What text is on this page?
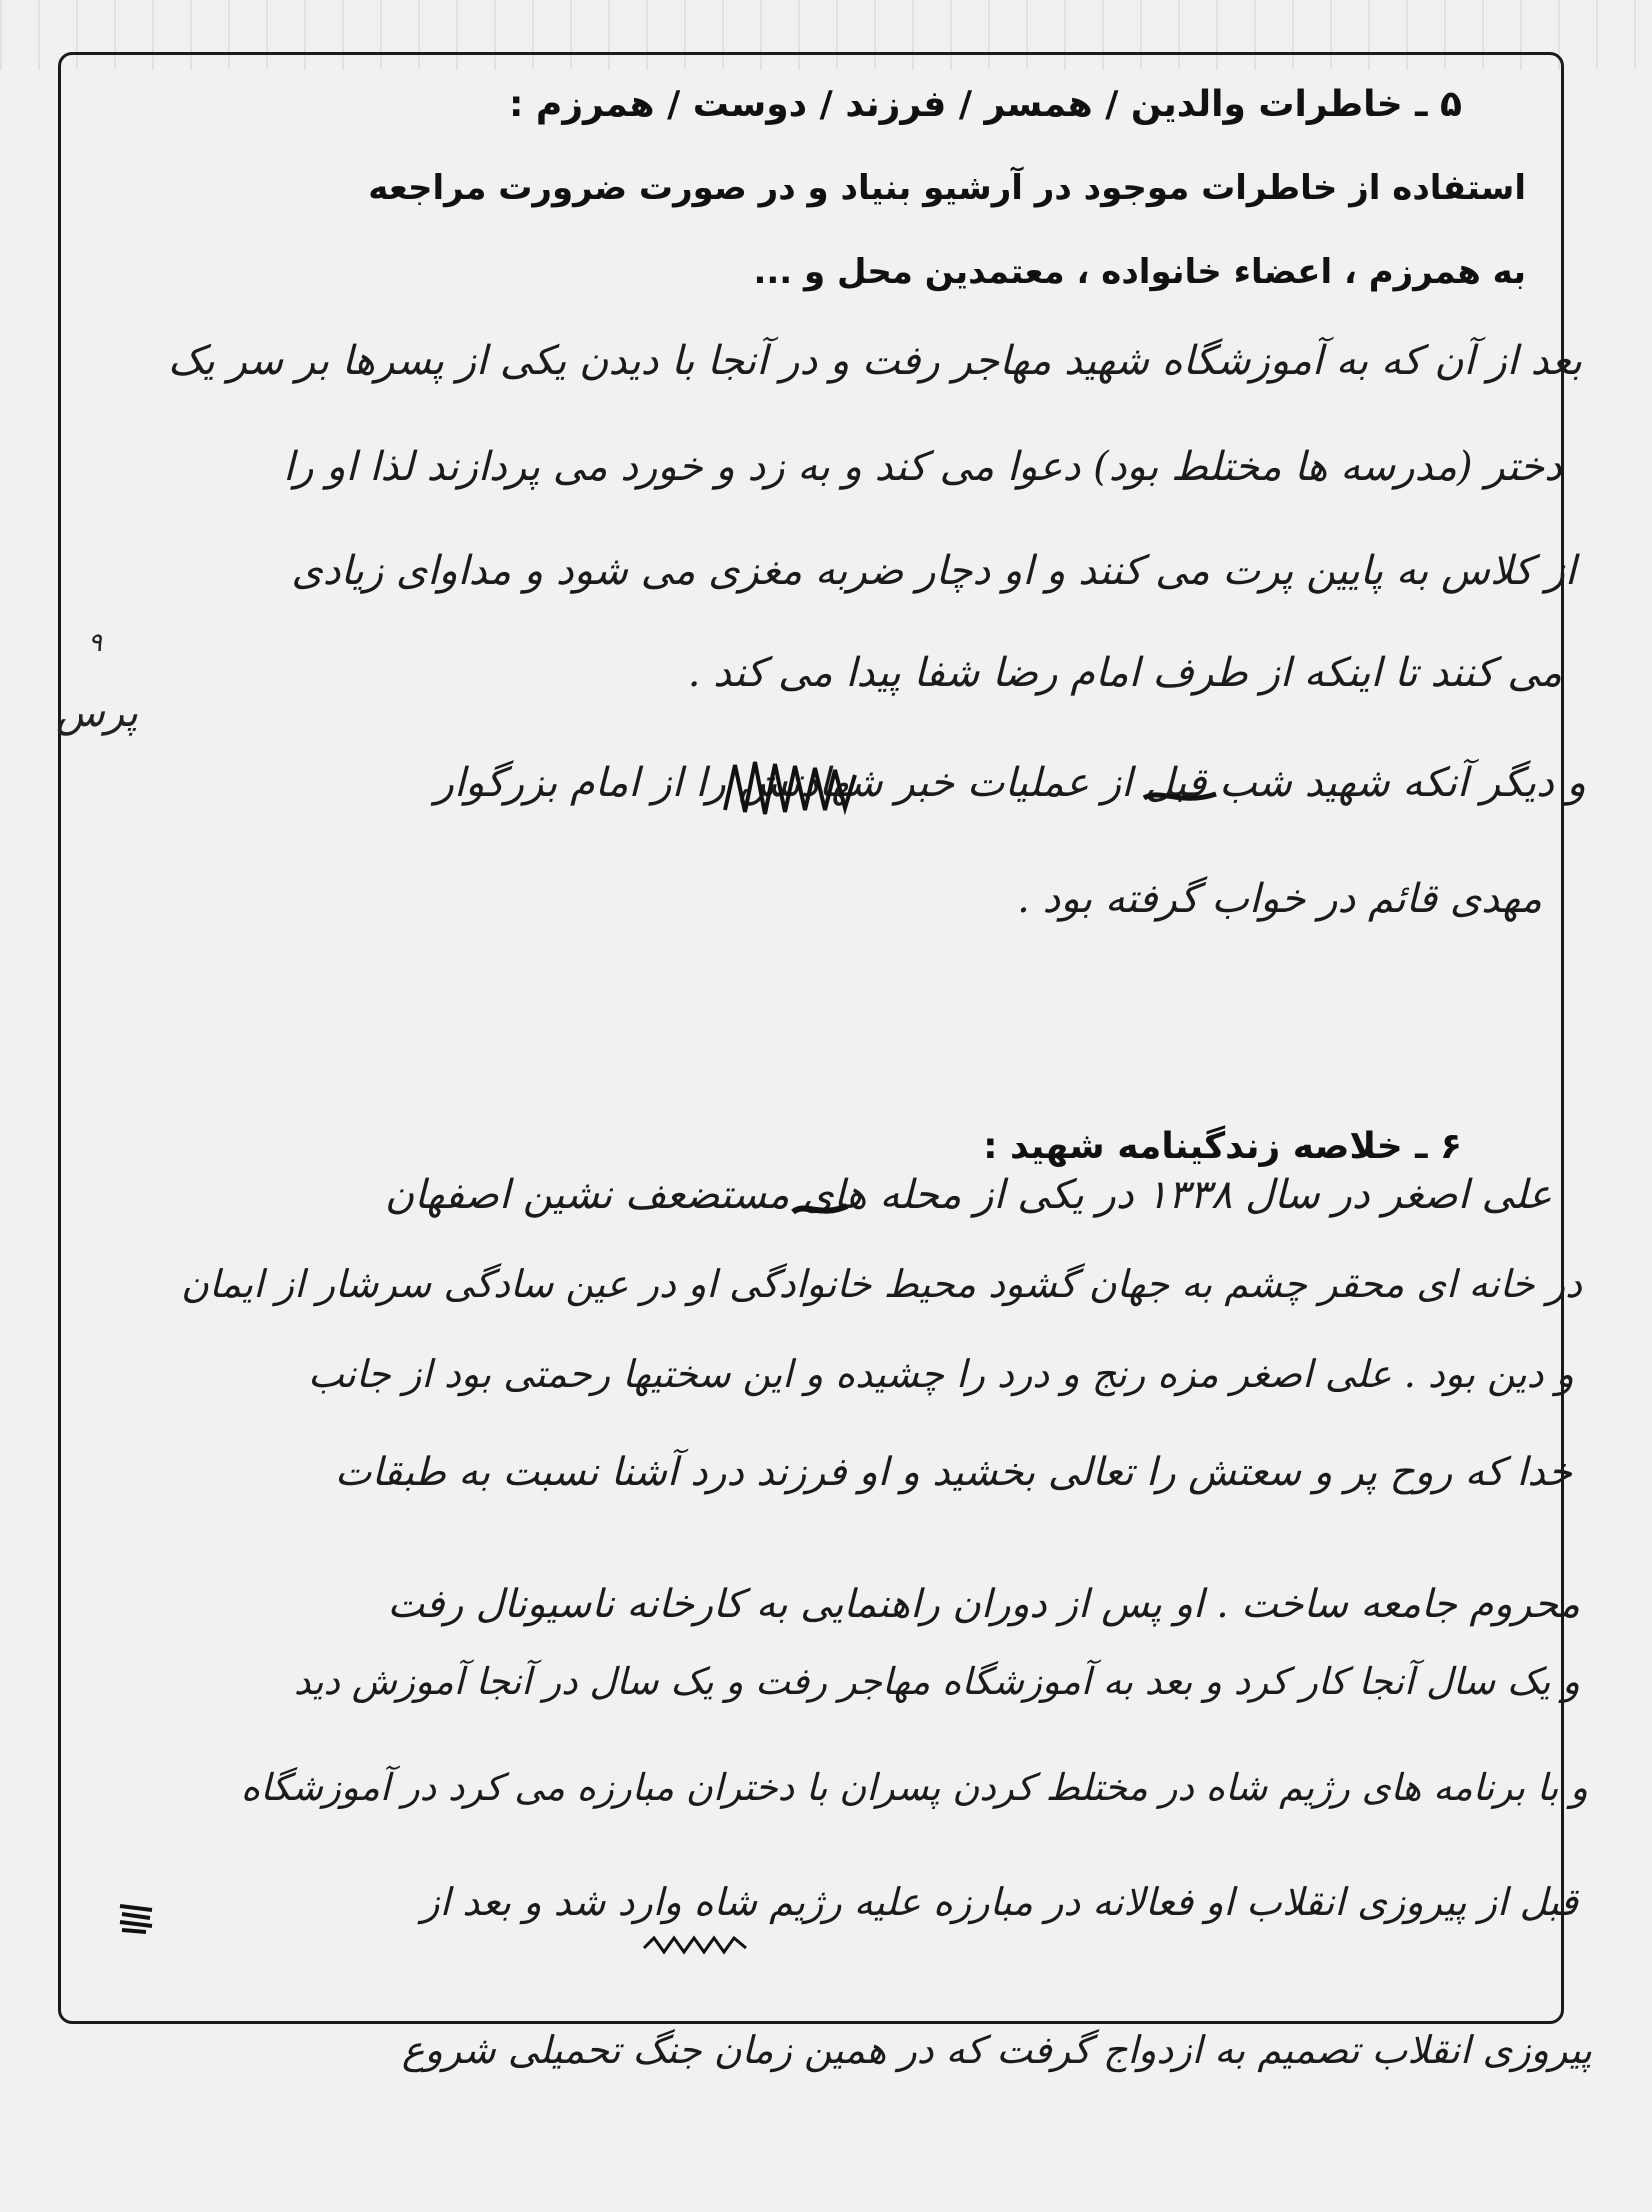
۵ ـ خاطرات والدین / همسر / فرزند / دوست / همرزم :
استفاده از خاطرات موجود در آرشیو بنیاد و در صورت ضرورت مراجعه
به همرزم ، اعضاء خانواده ، معتمدین محل و ...
بعد از آن که به آموزشگاه شهید مهاجر رفت و در آنجا با دیدن یکی از پسرها بر سر یک
دختر (مدرسه ها مختلط بود) دعوا می کند و به زد و خورد می پردازند لذا او را
از کلاس به پایین پرت می کنند و او دچار ضربه مغزی می شود و مداوای زیادی
می کنند تا اینکه از طرف امام رضا شفا پیدا می کند .
و دیگر آنکه شهید شب قبل از عملیات خبر شهادتش را از امام بزرگوار
مهدی قائم در خواب گرفته بود .
۹
پرس
۶ ـ خلاصه زندگینامه شهید :
علی اصغر در سال ۱۳۳۸ در یکی از محله های مستضعف نشین اصفهان
در خانه ای محقر چشم به جهان گشود محیط خانوادگی او در عین سادگی سرشار از ایمان
و دین بود . علی اصغر مزه رنج و درد را چشیده و این سختیها رحمتی بود از جانب
خدا که روح پر و سعتش را تعالی بخشید و او فرزند درد آشنا نسبت به طبقات
محروم جامعه ساخت . او پس از دوران راهنمایی به کارخانه ناسیونال رفت
و یک سال آنجا کار کرد و بعد به آموزشگاه مهاجر رفت و یک سال در آنجا آموزش دید
و با برنامه های رژیم شاه در مختلط کردن پسران با دختران مبارزه می کرد در آموزشگاه
قبل از پیروزی انقلاب او فعالانه در مبارزه علیه رژیم شاه وارد شد و بعد از
پیروزی انقلاب تصمیم به ازدواج گرفت که در همین زمان جنگ تحمیلی شروع
